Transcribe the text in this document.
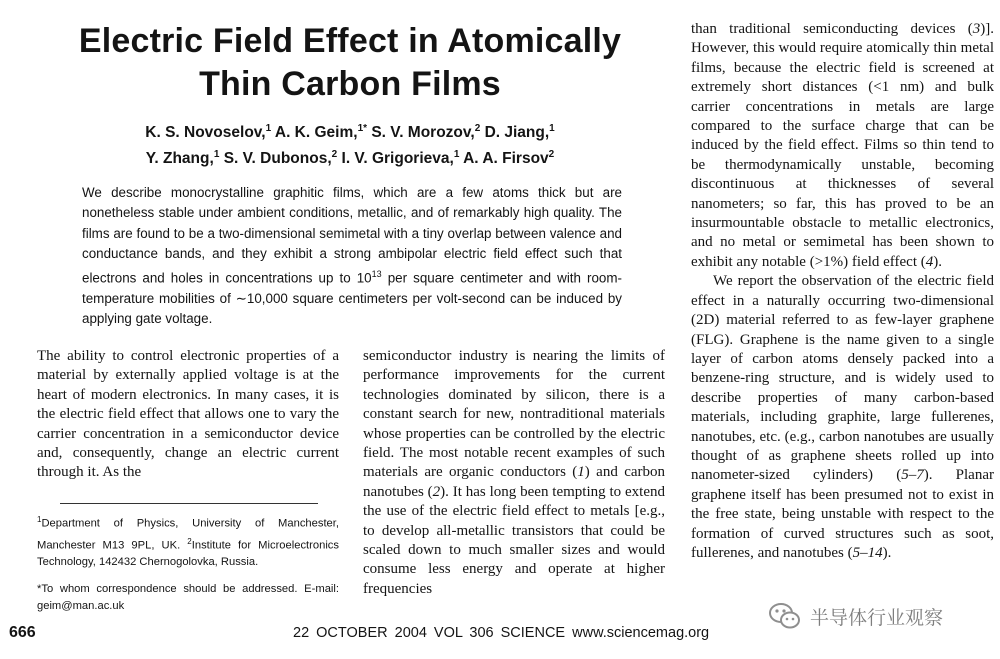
Electric Field Effect in Atomically Thin Carbon Films
K. S. Novoselov,$^1$ A. K. Geim,$^{1*}$ S. V. Morozov,$^2$ D. Jiang,$^1$
Y. Zhang,$^1$ S. V. Dubonos,$^2$ I. V. Grigorieva,$^1$ A. A. Firsov$^2$
We describe monocrystalline graphitic films, which are a few atoms thick but are nonetheless stable under ambient conditions, metallic, and of remarkably high quality. The films are found to be a two-dimensional semimetal with a tiny overlap between valence and conductance bands, and they exhibit a strong ambipolar electric field effect such that electrons and holes in concentrations up to $10^{13}$ per square centimeter and with room-temperature mobilities of ∼10,000 square centimeters per volt-second can be induced by applying gate voltage.

The ability to control electronic properties of a material by externally applied voltage is at the heart of modern electronics. In many cases, it is the electric field effect that allows one to vary the carrier concentration in a semiconductor device and, consequently, change an electric current through it. As the

$^1$Department of Physics, University of Manchester, Manchester M13 9PL, UK. $^2$Institute for Microelectronics Technology, 142432 Chernogolovka, Russia.

*To whom correspondence should be addressed. E-mail: geim@man.ac.uk

semiconductor industry is nearing the limits of performance improvements for the current technologies dominated by silicon, there is a constant search for new, nontraditional materials whose properties can be controlled by the electric field. The most notable recent examples of such materials are organic conductors (1) and carbon nanotubes (2). It has long been tempting to extend the use of the electric field effect to metals [e.g., to develop all-metallic transistors that could be scaled down to much smaller sizes and would consume less energy and operate at higher frequencies

than traditional semiconducting devices (3)]. However, this would require atomically thin metal films, because the electric field is screened at extremely short distances (<1 nm) and bulk carrier concentrations in metals are large compared to the surface charge that can be induced by the field effect. Films so thin tend to be thermodynamically unstable, becoming discontinuous at thicknesses of several nanometers; so far, this has proved to be an insurmountable obstacle to metallic electronics, and no metal or semimetal has been shown to exhibit any notable (>1%) field effect (4).

We report the observation of the electric field effect in a naturally occurring two-dimensional (2D) material referred to as few-layer graphene (FLG). Graphene is the name given to a single layer of carbon atoms densely packed into a benzene-ring structure, and is widely used to describe properties of many carbon-based materials, including graphite, large fullerenes, nanotubes, etc. (e.g., carbon nanotubes are usually thought of as graphene sheets rolled up into nanometer-sized cylinders) (5–7). Planar graphene itself has been presumed not to exist in the free state, being unstable with respect to the formation of curved structures such as soot, fullerenes, and nanotubes (5–14).

666	22 OCTOBER 2004 VOL 306 SCIENCE www.sciencemag.org
半导体行业观察
